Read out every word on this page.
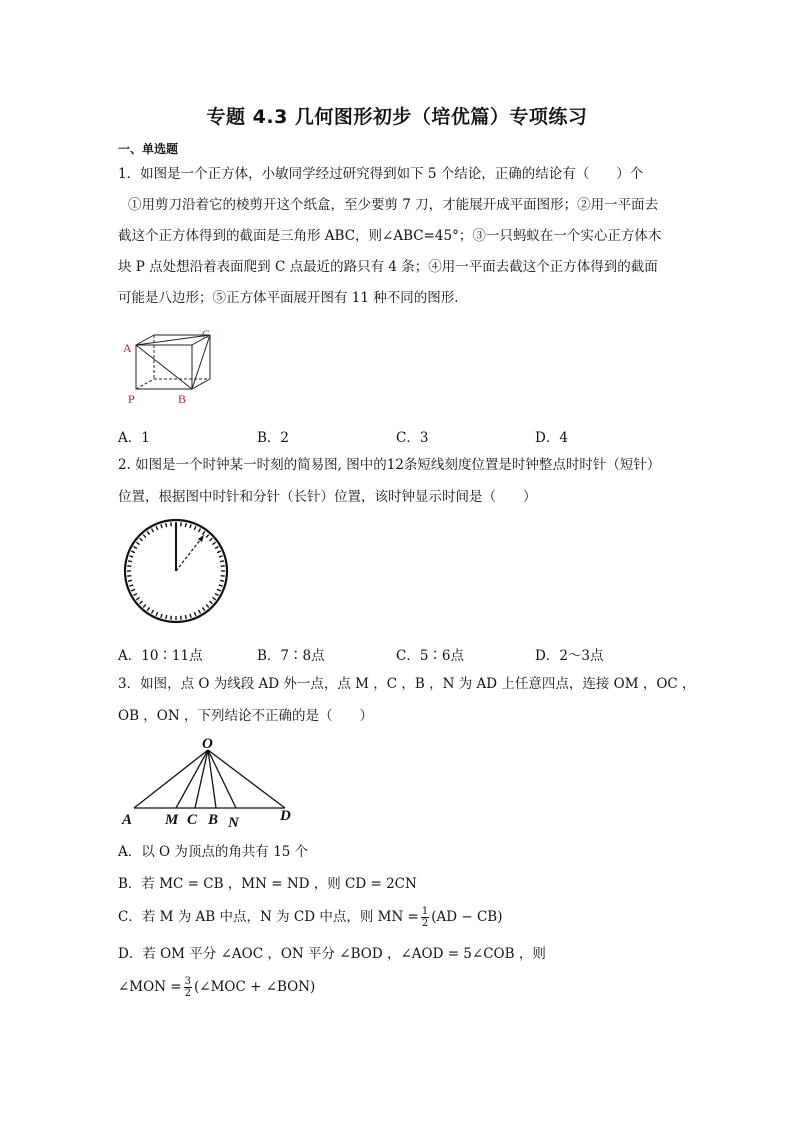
专题 4.3 几何图形初步（培优篇）专项练习
一、单选题
1．如图是一个正方体，小敏同学经过研究得到如下 5 个结论，正确的结论有（　　）个
①用剪刀沿着它的棱剪开这个纸盒，至少要剪 7 刀，才能展开成平面图形；②用一平面去
截这个正方体得到的截面是三角形 ABC，则∠ABC=45°；③一只蚂蚁在一个实心正方体木
块 P 点处想沿着表面爬到 C 点最近的路只有 4 条；④用一平面去截这个正方体得到的截面
可能是八边形；⑤正方体平面展开图有 11 种不同的图形．
A
C
P	B
A．1	B．2	C．3	D．4
2. 如图是一个时钟某一时刻的简易图, 图中的12条短线刻度位置是时钟整点时时针（短针）
位置，根据图中时针和分针（长针）位置，该时钟显示时间是（　　）
A．10∶11点	B．7∶8点	C．5∶6点	D．2～3点
3．如图，点 O 为线段 AD 外一点，点 M ，C ，B ，N 为 AD 上任意四点，连接 OM ，OC ，
OB ，ON ，下列结论不正确的是（　　）
O
A M C B N	D
A．以 O 为顶点的角共有 15 个
B．若 MC = CB ，MN = ND ，则 CD = 2CN
C．若 M 为 AB 中点，N 为 CD 中点，则 MN = $\frac{1}{2} (AD - CB)$
D．若 OM 平分 ∠AOC ，ON 平分 ∠BOD ，∠AOD = 5∠COB ，则
∠MON = $\frac{3}{2}$ (∠MOC + ∠BON)
